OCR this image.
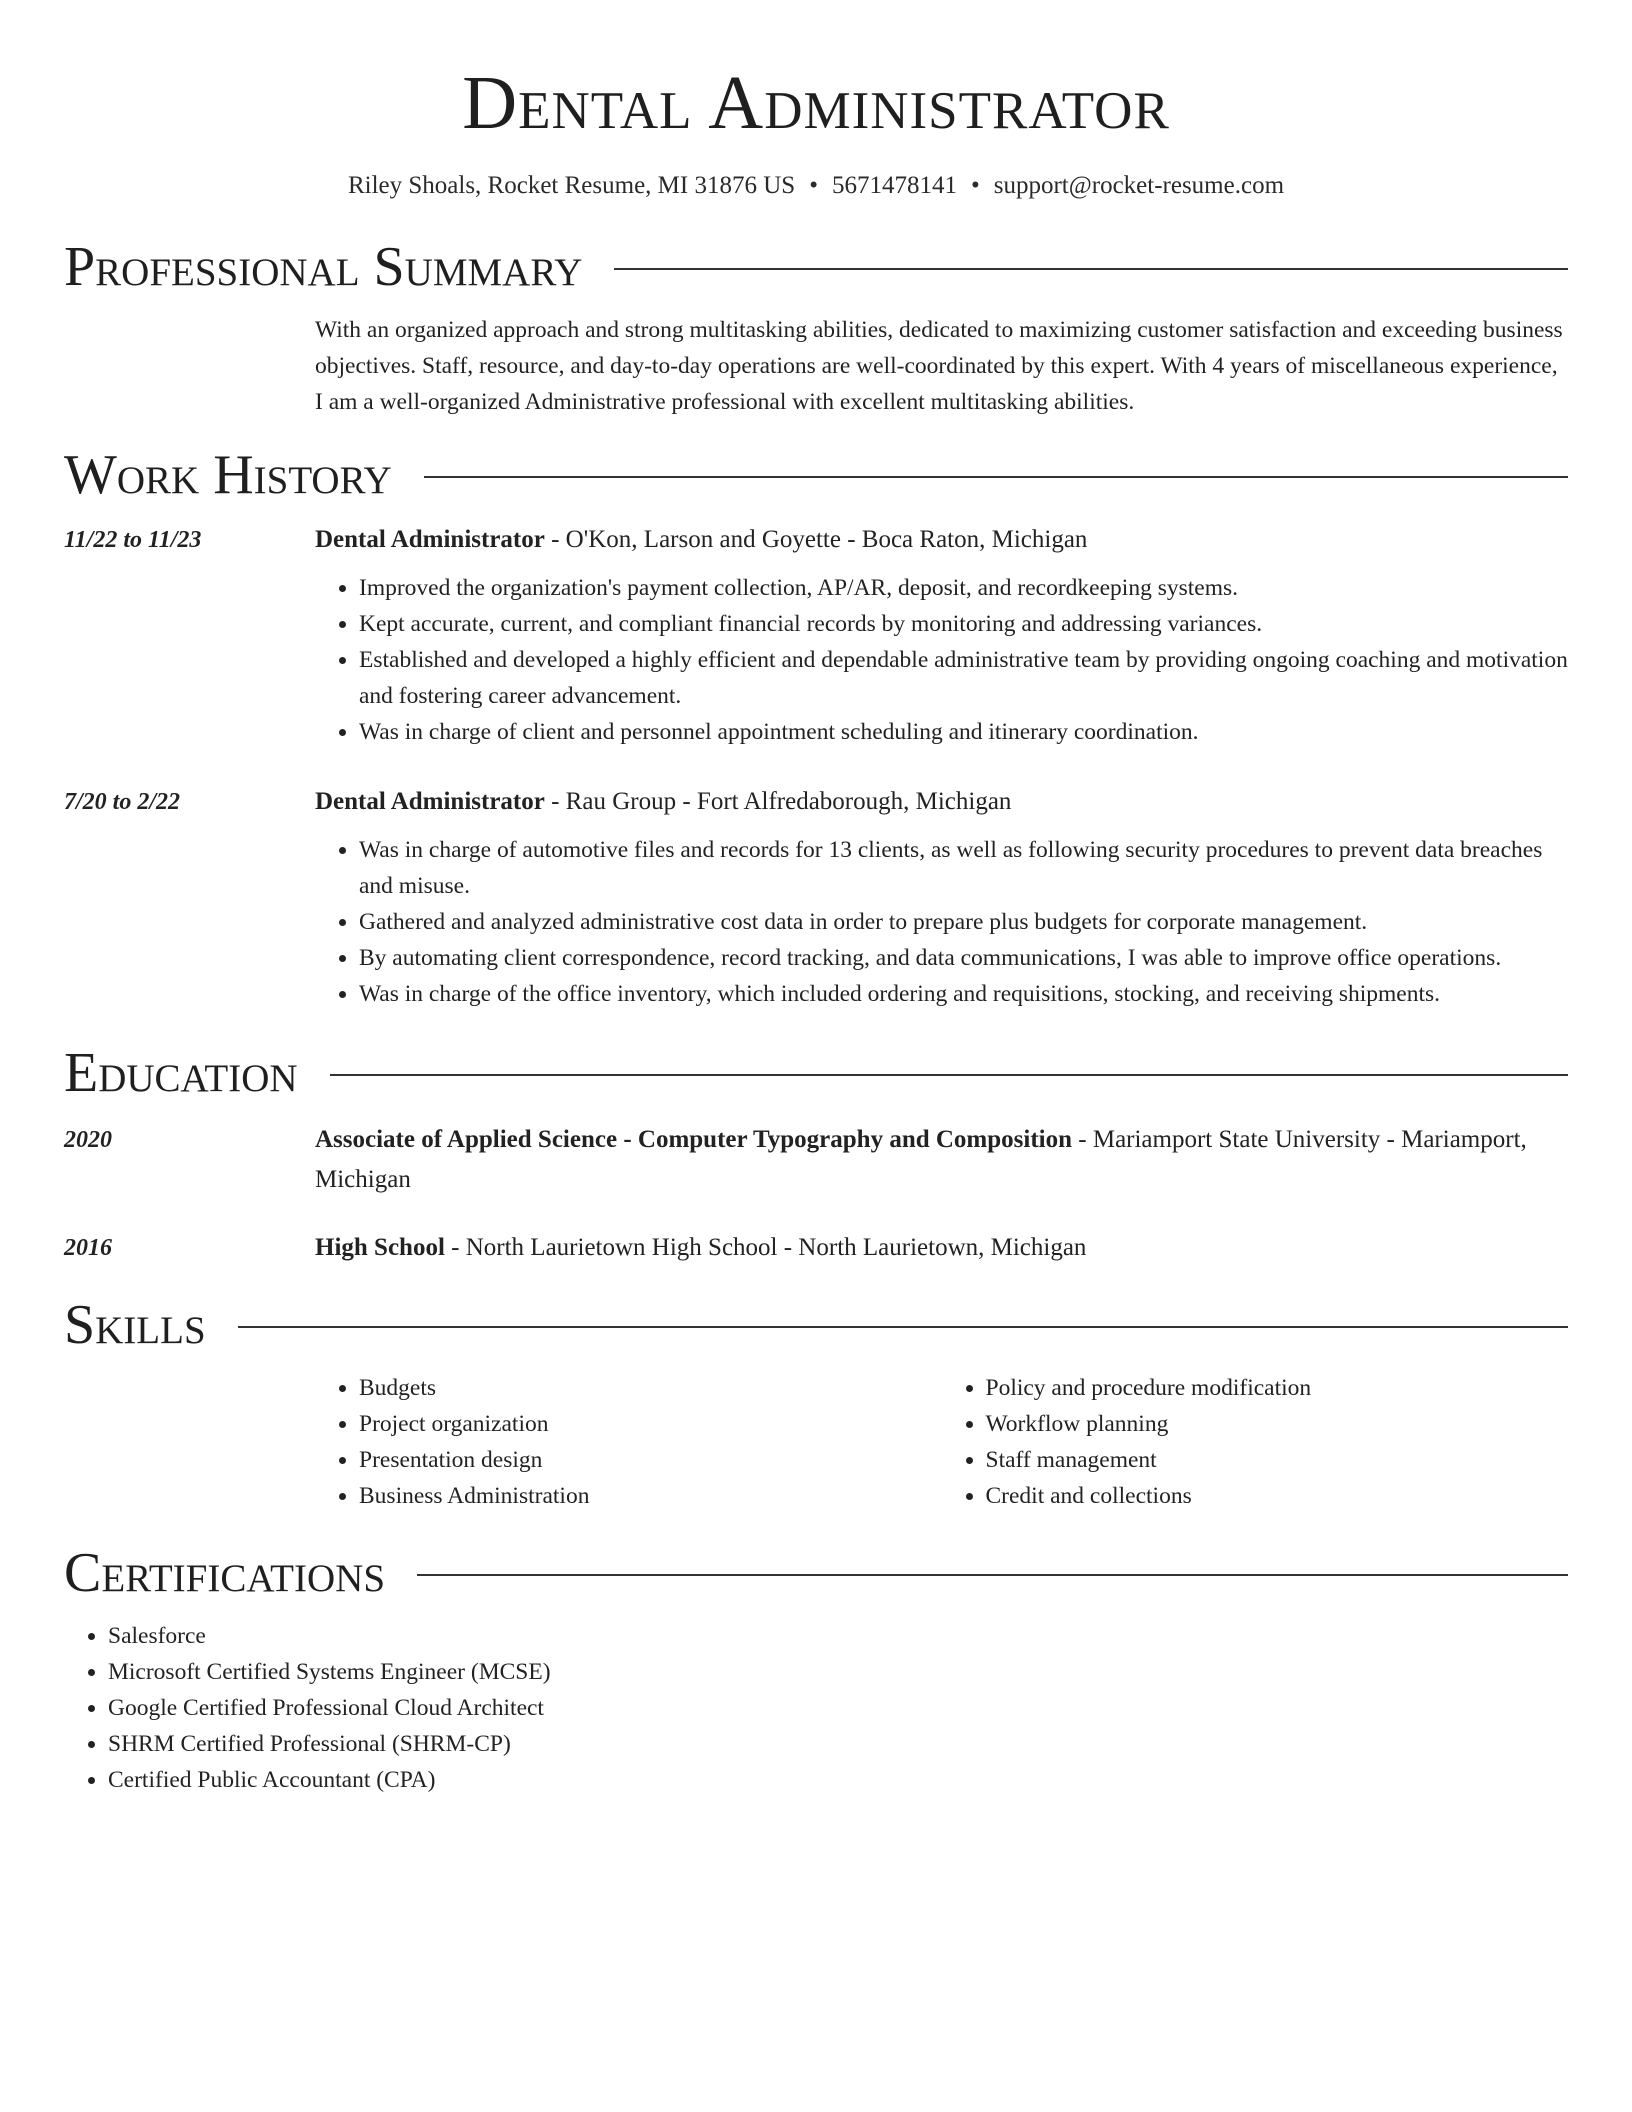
Dental Administrator
Riley Shoals, Rocket Resume, MI 31876 US • 5671478141 • support@rocket-resume.com
Professional Summary
With an organized approach and strong multitasking abilities, dedicated to maximizing customer satisfaction and exceeding business objectives. Staff, resource, and day-to-day operations are well-coordinated by this expert. With 4 years of miscellaneous experience, I am a well-organized Administrative professional with excellent multitasking abilities.
Work History
11/22 to 11/23	Dental Administrator - O'Kon, Larson and Goyette - Boca Raton, Michigan
• Improved the organization's payment collection, AP/AR, deposit, and recordkeeping systems.
• Kept accurate, current, and compliant financial records by monitoring and addressing variances.
• Established and developed a highly efficient and dependable administrative team by providing ongoing coaching and motivation and fostering career advancement.
• Was in charge of client and personnel appointment scheduling and itinerary coordination.
7/20 to 2/22	Dental Administrator - Rau Group - Fort Alfredaborough, Michigan
• Was in charge of automotive files and records for 13 clients, as well as following security procedures to prevent data breaches and misuse.
• Gathered and analyzed administrative cost data in order to prepare plus budgets for corporate management.
• By automating client correspondence, record tracking, and data communications, I was able to improve office operations.
• Was in charge of the office inventory, which included ordering and requisitions, stocking, and receiving shipments.
Education
2020	Associate of Applied Science - Computer Typography and Composition - Mariamport State University - Mariamport, Michigan
2016	High School - North Laurietown High School - North Laurietown, Michigan
Skills
• Budgets
• Project organization
• Presentation design
• Business Administration
• Policy and procedure modification
• Workflow planning
• Staff management
• Credit and collections
Certifications
• Salesforce
• Microsoft Certified Systems Engineer (MCSE)
• Google Certified Professional Cloud Architect
• SHRM Certified Professional (SHRM-CP)
• Certified Public Accountant (CPA)
